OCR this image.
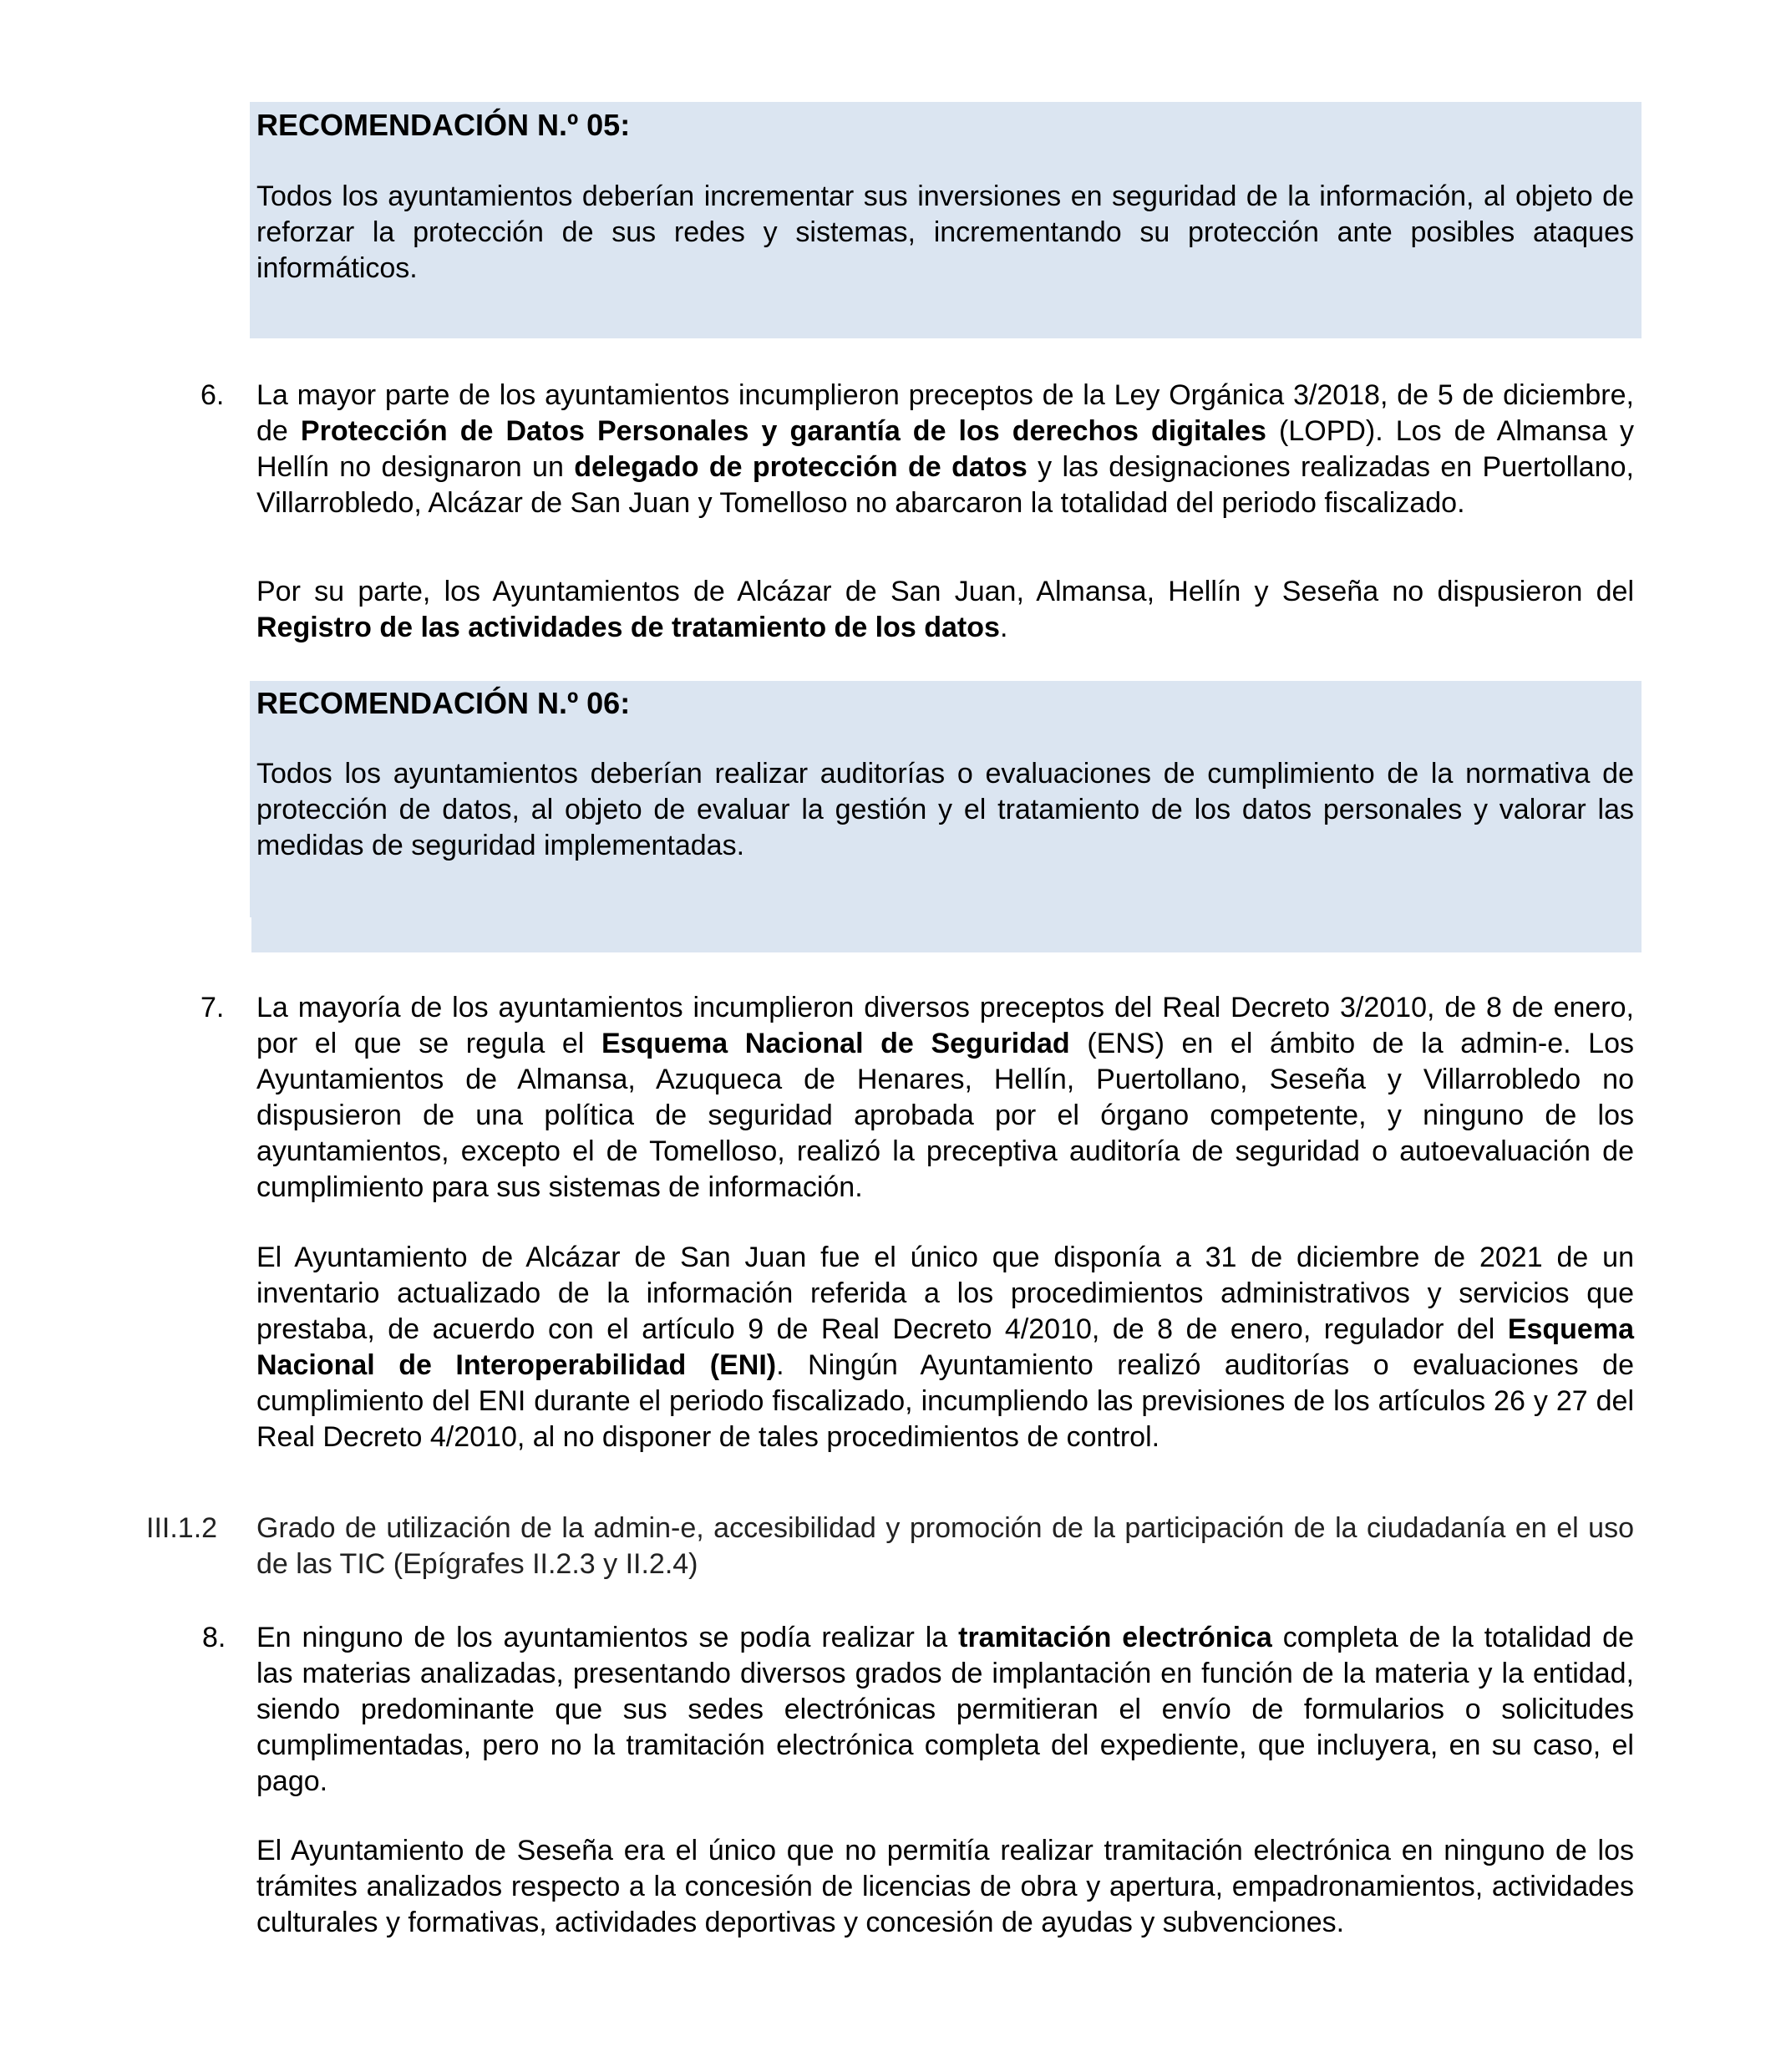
RECOMENDACIÓN N.º 05:

Todos los ayuntamientos deberían incrementar sus inversiones en seguridad de la información, al objeto de reforzar la protección de sus redes y sistemas, incrementando su protección ante posibles ataques informáticos.

6. La mayor parte de los ayuntamientos incumplieron preceptos de la Ley Orgánica 3/2018, de 5 de diciembre, de Protección de Datos Personales y garantía de los derechos digitales (LOPD). Los de Almansa y Hellín no designaron un delegado de protección de datos y las designaciones realizadas en Puertollano, Villarrobledo, Alcázar de San Juan y Tomelloso no abarcaron la totalidad del periodo fiscalizado.

Por su parte, los Ayuntamientos de Alcázar de San Juan, Almansa, Hellín y Seseña no dispusieron del Registro de las actividades de tratamiento de los datos.

RECOMENDACIÓN N.º 06:

Todos los ayuntamientos deberían realizar auditorías o evaluaciones de cumplimiento de la normativa de protección de datos, al objeto de evaluar la gestión y el tratamiento de los datos personales y valorar las medidas de seguridad implementadas.

7. La mayoría de los ayuntamientos incumplieron diversos preceptos del Real Decreto 3/2010, de 8 de enero, por el que se regula el Esquema Nacional de Seguridad (ENS) en el ámbito de la admin-e. Los Ayuntamientos de Almansa, Azuqueca de Henares, Hellín, Puertollano, Seseña y Villarrobledo no dispusieron de una política de seguridad aprobada por el órgano competente, y ninguno de los ayuntamientos, excepto el de Tomelloso, realizó la preceptiva auditoría de seguridad o autoevaluación de cumplimiento para sus sistemas de información.

El Ayuntamiento de Alcázar de San Juan fue el único que disponía a 31 de diciembre de 2021 de un inventario actualizado de la información referida a los procedimientos administrativos y servicios que prestaba, de acuerdo con el artículo 9 de Real Decreto 4/2010, de 8 de enero, regulador del Esquema Nacional de Interoperabilidad (ENI). Ningún Ayuntamiento realizó auditorías o evaluaciones de cumplimiento del ENI durante el periodo fiscalizado, incumpliendo las previsiones de los artículos 26 y 27 del Real Decreto 4/2010, al no disponer de tales procedimientos de control.

III.1.2 Grado de utilización de la admin-e, accesibilidad y promoción de la participación de la ciudadanía en el uso de las TIC (Epígrafes II.2.3 y II.2.4)

8. En ninguno de los ayuntamientos se podía realizar la tramitación electrónica completa de la totalidad de las materias analizadas, presentando diversos grados de implantación en función de la materia y la entidad, siendo predominante que sus sedes electrónicas permitieran el envío de formularios o solicitudes cumplimentadas, pero no la tramitación electrónica completa del expediente, que incluyera, en su caso, el pago.

El Ayuntamiento de Seseña era el único que no permitía realizar tramitación electrónica en ninguno de los trámites analizados respecto a la concesión de licencias de obra y apertura, empadronamientos, actividades culturales y formativas, actividades deportivas y concesión de ayudas y subvenciones.
